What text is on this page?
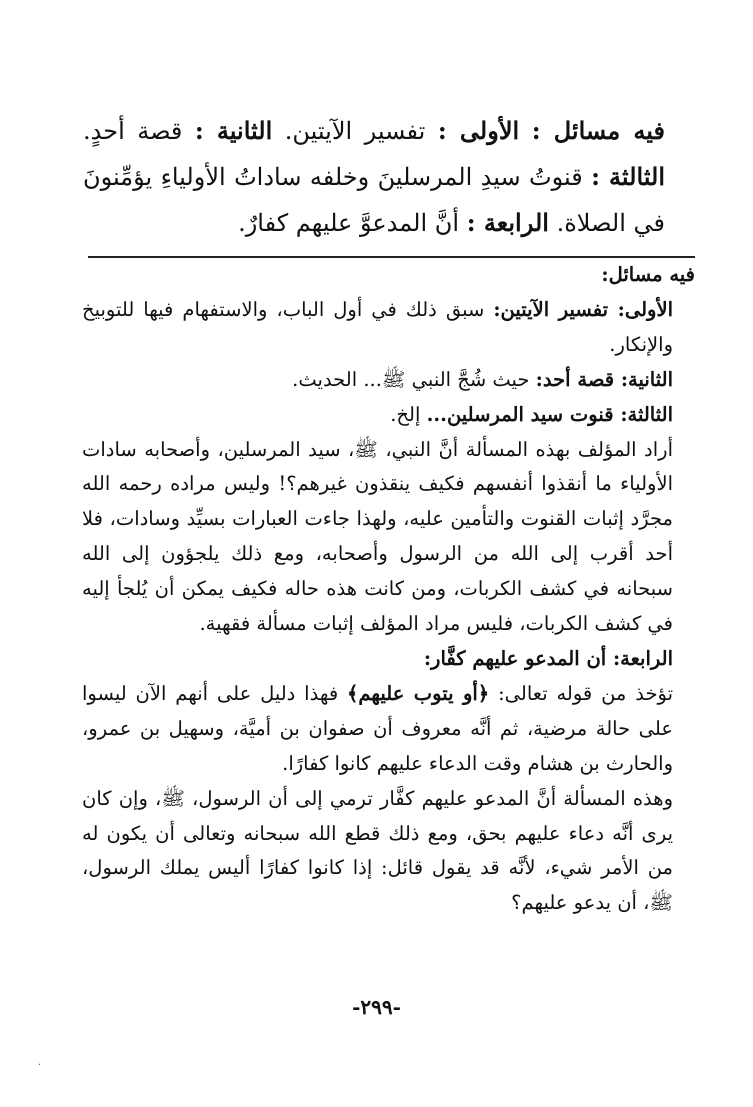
فيه مسائل : الأولى : تفسير الآيتين. الثانية : قصة أحدٍ. الثالثة : قنوتُ سيدِ المرسلينَ وخلفه ساداتُ الأولياءِ يؤمِّنونَ في الصلاة. الرابعة : أنَّ المدعوَّ عليهم كفارٌ.

فيه مسائل:

الأولى: تفسير الآيتين: سبق ذلك في أول الباب، والاستفهام فيها للتوبيخ والإنكار.

الثانية: قصة أحد: حيث شُجَّ النبي ﷺ... الحديث.

الثالثة: قنوت سيد المرسلين... إلخ.

أراد المؤلف بهذه المسألة أنَّ النبي، ﷺ، سيد المرسلين، وأصحابه سادات الأولياء ما أنقذوا أنفسهم فكيف ينقذون غيرهم؟! وليس مراده رحمه الله مجرَّد إثبات القنوت والتأمين عليه، ولهذا جاءت العبارات بسيِّد وسادات، فلا أحد أقرب إلى الله من الرسول وأصحابه، ومع ذلك يلجؤون إلى الله سبحانه في كشف الكربات، ومن كانت هذه حاله فكيف يمكن أن يُلجأ إليه في كشف الكربات، فليس مراد المؤلف إثبات مسألة فقهية.

الرابعة: أن المدعو عليهم كفَّار:

تؤخذ من قوله تعالى: ﴿أو يتوب عليهم﴾ فهذا دليل على أنهم الآن ليسوا على حالة مرضية، ثم أنَّه معروف أن صفوان بن أميَّة، وسهيل بن عمرو، والحارث بن هشام وقت الدعاء عليهم كانوا كفارًا.

وهذه المسألة أنَّ المدعو عليهم كفَّار ترمي إلى أن الرسول، ﷺ، وإن كان يرى أنَّه دعاء عليهم بحق، ومع ذلك قطع الله سبحانه وتعالى أن يكون له من الأمر شيء، لأنَّه قد يقول قائل: إذا كانوا كفارًا أليس يملك الرسول، ﷺ، أن يدعو عليهم؟

-٢٩٩-
·
